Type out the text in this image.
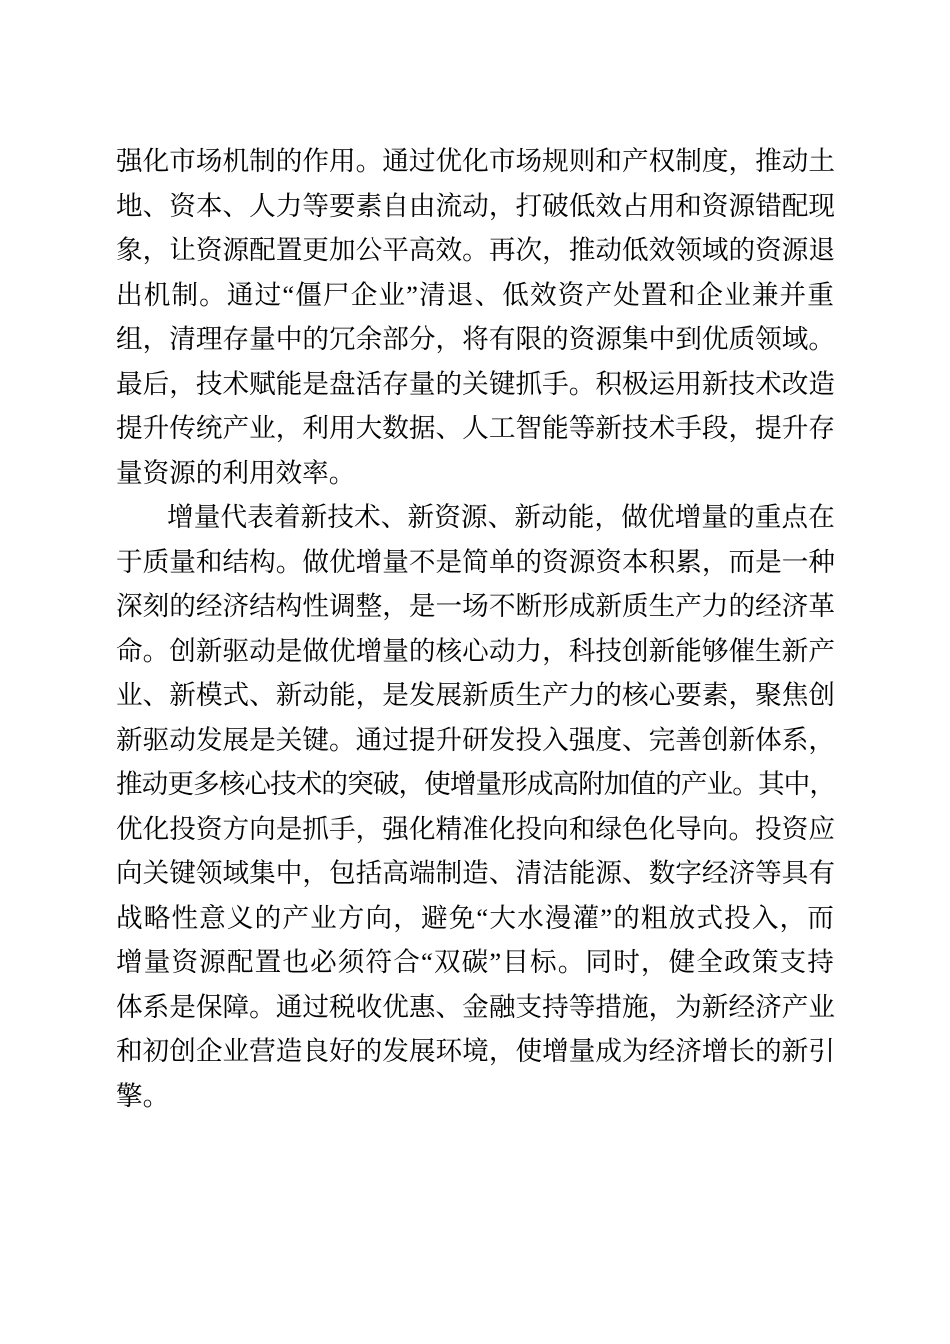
强化市场机制的作用。通过优化市场规则和产权制度，推动土
地、资本、人力等要素自由流动，打破低效占用和资源错配现
象，让资源配置更加公平高效。再次，推动低效领域的资源退
出机制。通过“僵尸企业”清退、低效资产处置和企业兼并重
组，清理存量中的冗余部分，将有限的资源集中到优质领域。
最后，技术赋能是盘活存量的关键抓手。积极运用新技术改造
提升传统产业，利用大数据、人工智能等新技术手段，提升存
量资源的利用效率。
增量代表着新技术、新资源、新动能，做优增量的重点在
于质量和结构。做优增量不是简单的资源资本积累，而是一种
深刻的经济结构性调整，是一场不断形成新质生产力的经济革
命。创新驱动是做优增量的核心动力，科技创新能够催生新产
业、新模式、新动能，是发展新质生产力的核心要素，聚焦创
新驱动发展是关键。通过提升研发投入强度、完善创新体系，
推动更多核心技术的突破，使增量形成高附加值的产业。其中，
优化投资方向是抓手，强化精准化投向和绿色化导向。投资应
向关键领域集中，包括高端制造、清洁能源、数字经济等具有
战略性意义的产业方向，避免“大水漫灌”的粗放式投入，而
增量资源配置也必须符合“双碳”目标。同时，健全政策支持
体系是保障。通过税收优惠、金融支持等措施，为新经济产业
和初创企业营造良好的发展环境，使增量成为经济增长的新引
擎。
